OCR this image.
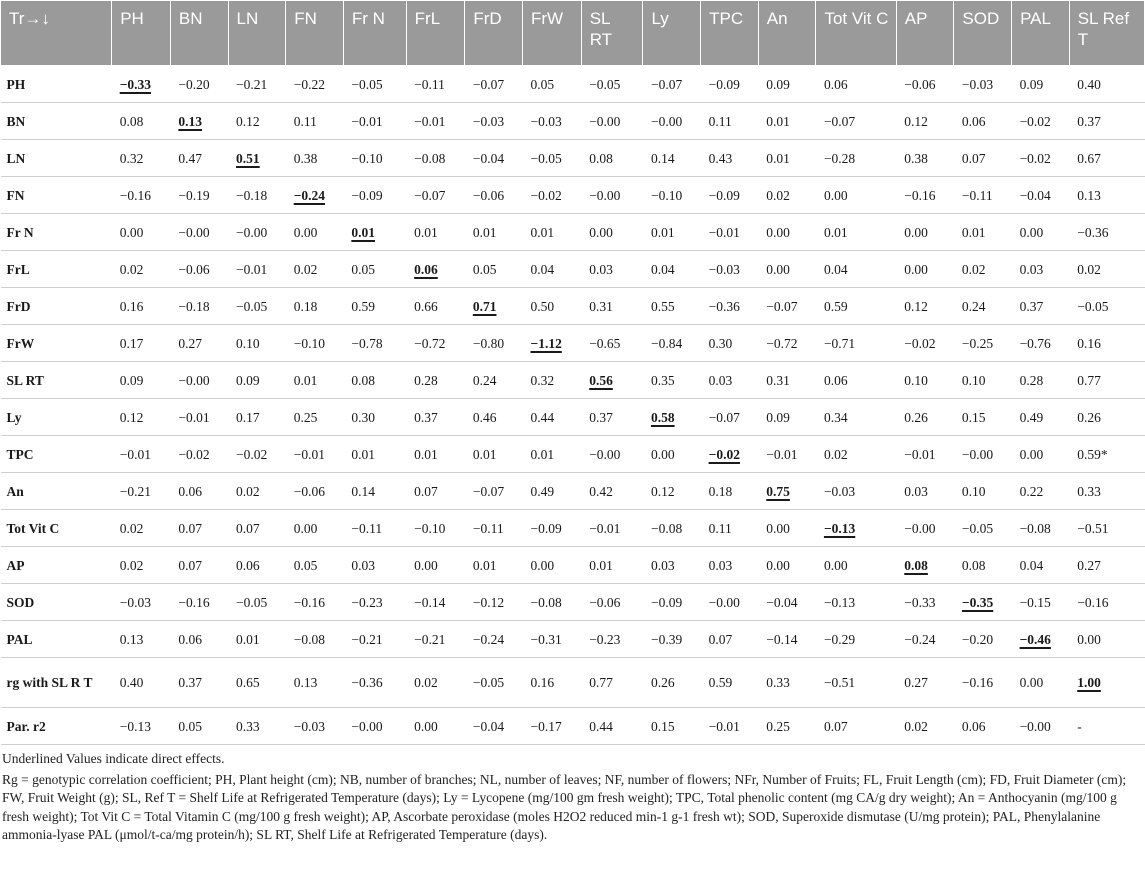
Tr→↓	PH	BN	LN	FN	Fr N	FrL	FrD	FrW	SL RT	Ly	TPC	An	Tot Vit C	AP	SOD	PAL	SL Ref T
PH	−0.33	−0.20	−0.21	−0.22	−0.05	−0.11	−0.07	0.05	−0.05	−0.07	−0.09	0.09	0.06	−0.06	−0.03	0.09	0.40
BN	0.08	0.13	0.12	0.11	−0.01	−0.01	−0.03	−0.03	−0.00	−0.00	0.11	0.01	−0.07	0.12	0.06	−0.02	0.37
LN	0.32	0.47	0.51	0.38	−0.10	−0.08	−0.04	−0.05	0.08	0.14	0.43	0.01	−0.28	0.38	0.07	−0.02	0.67
FN	−0.16	−0.19	−0.18	−0.24	−0.09	−0.07	−0.06	−0.02	−0.00	−0.10	−0.09	0.02	0.00	−0.16	−0.11	−0.04	0.13
Fr N	0.00	−0.00	−0.00	0.00	0.01	0.01	0.01	0.01	0.00	0.01	−0.01	0.00	0.01	0.00	0.01	0.00	−0.36
FrL	0.02	−0.06	−0.01	0.02	0.05	0.06	0.05	0.04	0.03	0.04	−0.03	0.00	0.04	0.00	0.02	0.03	0.02
FrD	0.16	−0.18	−0.05	0.18	0.59	0.66	0.71	0.50	0.31	0.55	−0.36	−0.07	0.59	0.12	0.24	0.37	−0.05
FrW	0.17	0.27	0.10	−0.10	−0.78	−0.72	−0.80	−1.12	−0.65	−0.84	0.30	−0.72	−0.71	−0.02	−0.25	−0.76	0.16
SL RT	0.09	−0.00	0.09	0.01	0.08	0.28	0.24	0.32	0.56	0.35	0.03	0.31	0.06	0.10	0.10	0.28	0.77
Ly	0.12	−0.01	0.17	0.25	0.30	0.37	0.46	0.44	0.37	0.58	−0.07	0.09	0.34	0.26	0.15	0.49	0.26
TPC	−0.01	−0.02	−0.02	−0.01	0.01	0.01	0.01	0.01	−0.00	0.00	−0.02	−0.01	0.02	−0.01	−0.00	0.00	0.59*
An	−0.21	0.06	0.02	−0.06	0.14	0.07	−0.07	0.49	0.42	0.12	0.18	0.75	−0.03	0.03	0.10	0.22	0.33
Tot Vit C	0.02	0.07	0.07	0.00	−0.11	−0.10	−0.11	−0.09	−0.01	−0.08	0.11	0.00	−0.13	−0.00	−0.05	−0.08	−0.51
AP	0.02	0.07	0.06	0.05	0.03	0.00	0.01	0.00	0.01	0.03	0.03	0.00	0.00	0.08	0.08	0.04	0.27
SOD	−0.03	−0.16	−0.05	−0.16	−0.23	−0.14	−0.12	−0.08	−0.06	−0.09	−0.00	−0.04	−0.13	−0.33	−0.35	−0.15	−0.16
PAL	0.13	0.06	0.01	−0.08	−0.21	−0.21	−0.24	−0.31	−0.23	−0.39	0.07	−0.14	−0.29	−0.24	−0.20	−0.46	0.00
rg with SL R T	0.40	0.37	0.65	0.13	−0.36	0.02	−0.05	0.16	0.77	0.26	0.59	0.33	−0.51	0.27	−0.16	0.00	1.00
Par. r2	−0.13	0.05	0.33	−0.03	−0.00	0.00	−0.04	−0.17	0.44	0.15	−0.01	0.25	0.07	0.02	0.06	−0.00	-

Underlined Values indicate direct effects.

Rg = genotypic correlation coefficient; PH, Plant height (cm); NB, number of branches; NL, number of leaves; NF, number of flowers; NFr, Number of Fruits; FL, Fruit Length (cm); FD, Fruit Diameter (cm); FW, Fruit Weight (g); SL, Ref T = Shelf Life at Refrigerated Temperature (days); Ly = Lycopene (mg/100 gm fresh weight); TPC, Total phenolic content (mg CA/g dry weight); An = Anthocyanin (mg/100 g fresh weight); Tot Vit C = Total Vitamin C (mg/100 g fresh weight); AP, Ascorbate peroxidase (moles H2O2 reduced min-1 g-1 fresh wt); SOD, Superoxide dismutase (U/mg protein); PAL, Phenylalanine ammonia-lyase PAL (μmol/t-ca/mg protein/h); SL RT, Shelf Life at Refrigerated Temperature (days).
